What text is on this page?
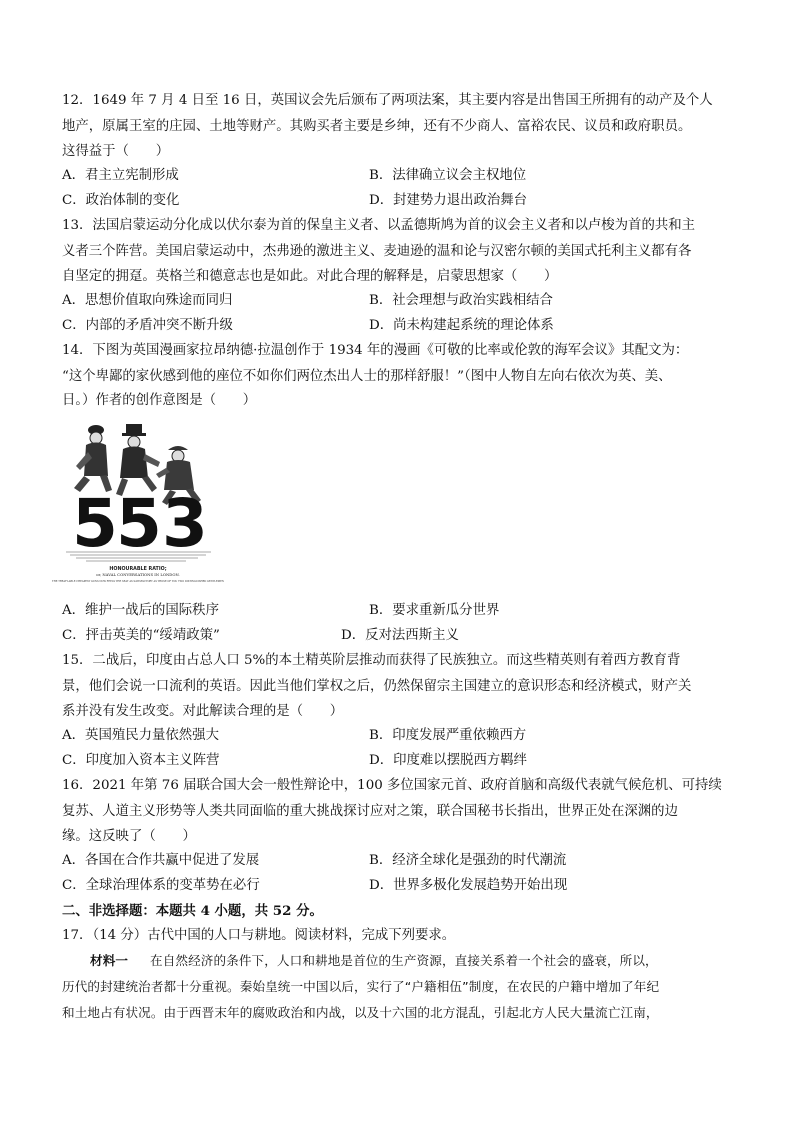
12．1649 年 7 月 4 日至 16 日，英国议会先后颁布了两项法案，其主要内容是出售国王所拥有的动产及个人
地产，原属王室的庄园、土地等财产。其购买者主要是乡绅，还有不少商人、富裕农民、议员和政府职员。
这得益于（　　）
A．君主立宪制形成	B．法律确立议会主权地位
C．政治体制的变化	D．封建势力退出政治舞台
13．法国启蒙运动分化成以伏尔泰为首的保皇主义者、以孟德斯鸠为首的议会主义者和以卢梭为首的共和主
义者三个阵营。美国启蒙运动中，杰弗逊的激进主义、麦迪逊的温和论与汉密尔顿的美国式托利主义都有各
自坚定的拥趸。英格兰和德意志也是如此。对此合理的解释是，启蒙思想家（　　）
A．思想价值取向殊途而同归	B．社会理想与政治实践相结合
C．内部的矛盾冲突不断升级	D．尚未构建起系统的理论体系
14．下图为英国漫画家拉昂纳德·拉温创作于 1934 年的漫画《可敬的比率或伦敦的海军会议》其配文为：
“这个卑鄙的家伙感到他的座位不如你们两位杰出人士的那样舒服！”（图中人物自左向右依次为英、美、
日。）作者的创作意图是（　　）
5
5 3
HONOURABLE RATIO;
or, NAVAL CONVERSATIONS IN LONDON.
THE TREATY-ABLE CHEAPEST GUNS NOW FEELS THE SEAT AS SATISFACTORY AS THOSE OF YOU TWO DISTINGUISHED GENTLEMEN
A．维护一战后的国际秩序	B．要求重新瓜分世界
C．抨击英美的“绥靖政策”	D．反对法西斯主义
15．二战后，印度由占总人口 5%的本土精英阶层推动而获得了民族独立。而这些精英则有着西方教育背
景，他们会说一口流利的英语。因此当他们掌权之后，仍然保留宗主国建立的意识形态和经济模式，财产关
系并没有发生改变。对此解读合理的是（　　）
A．英国殖民力量依然强大	B．印度发展严重依赖西方
C．印度加入资本主义阵营	D．印度难以摆脱西方羁绊
16．2021 年第 76 届联合国大会一般性辩论中，100 多位国家元首、政府首脑和高级代表就气候危机、可持续
复苏、人道主义形势等人类共同面临的重大挑战探讨应对之策，联合国秘书长指出，世界正处在深渊的边
缘。这反映了（　　）
A．各国在合作共赢中促进了发展	B．经济全球化是强劲的时代潮流
C．全球治理体系的变革势在必行	D．世界多极化发展趋势开始出现
二、非选择题：本题共 4 小题，共 52 分。
17．（14 分）古代中国的人口与耕地。阅读材料，完成下列要求。
材料一 在自然经济的条件下，人口和耕地是首位的生产资源，直接关系着一个社会的盛衰，所以，
历代的封建统治者都十分重视。秦始皇统一中国以后，实行了“户籍相伍”制度，在农民的户籍中增加了年纪
和土地占有状况。由于西晋末年的腐败政治和内战，以及十六国的北方混乱，引起北方人民大量流亡江南，
